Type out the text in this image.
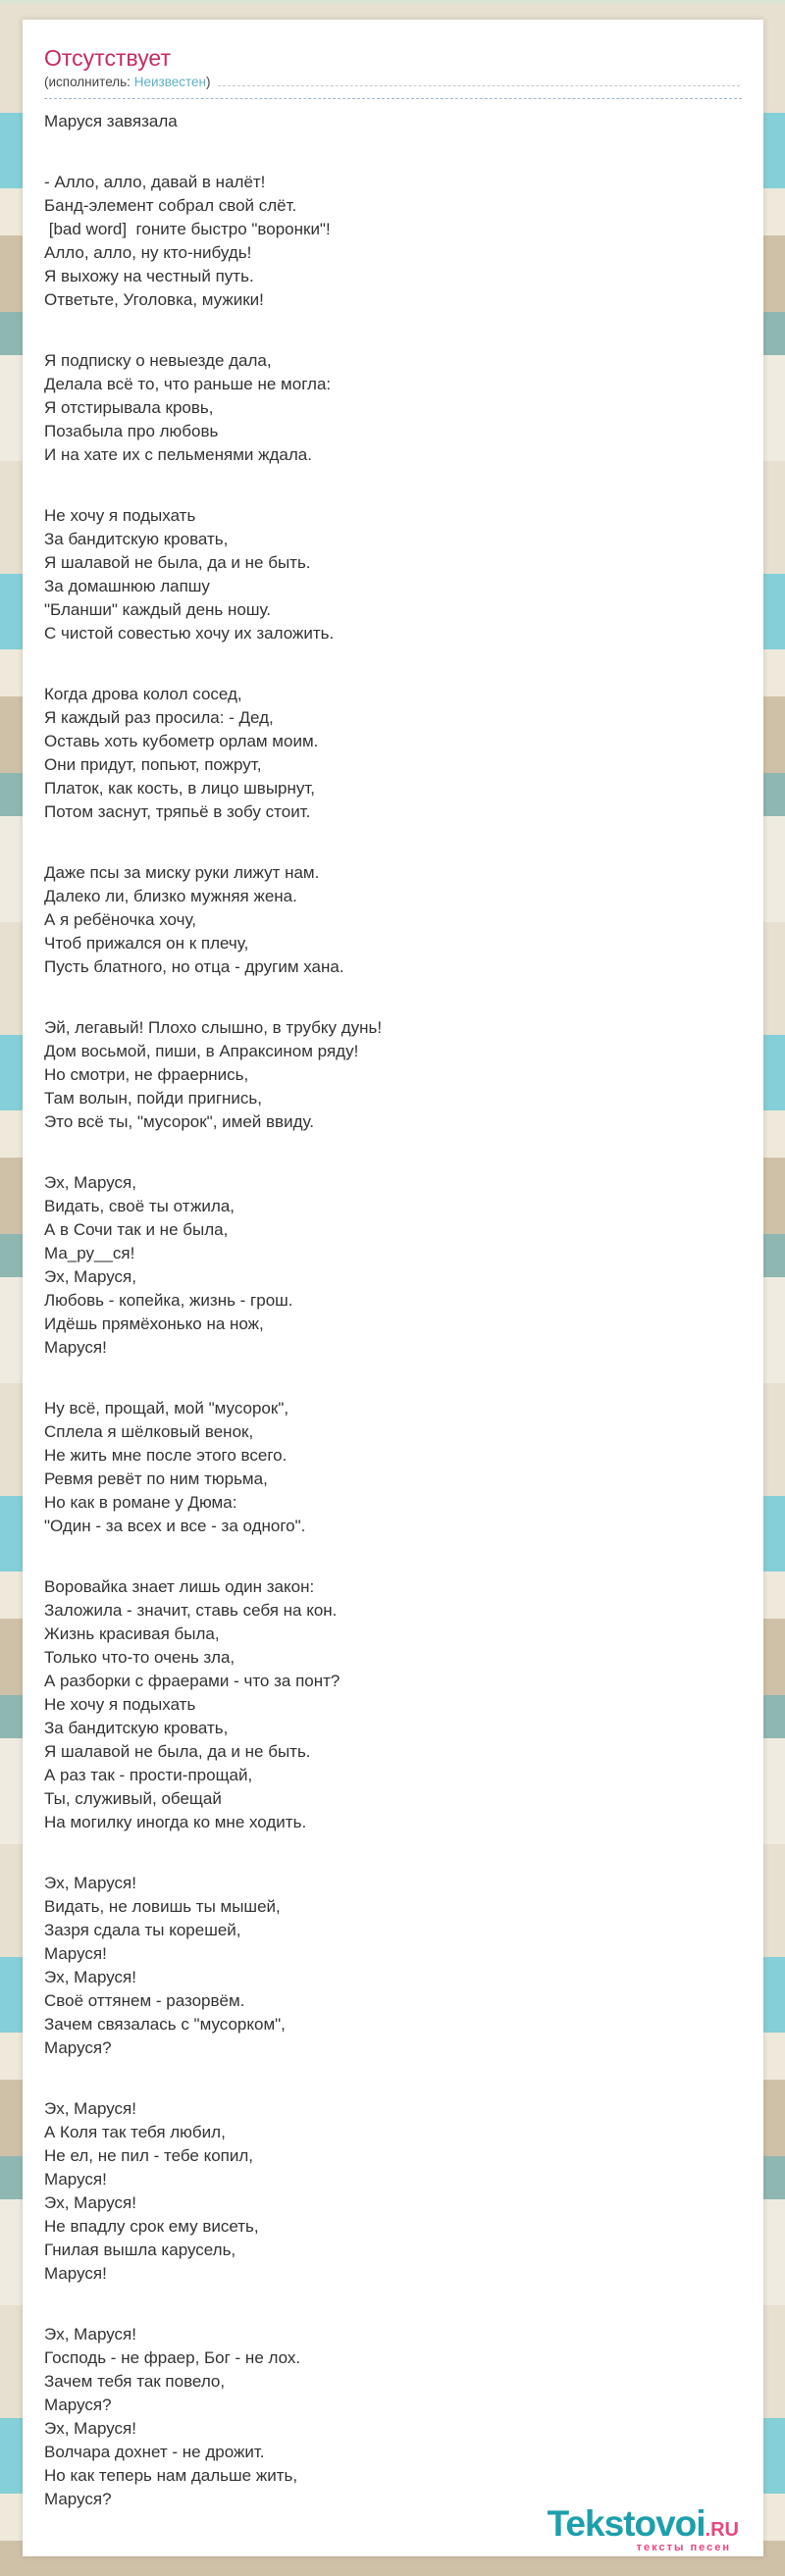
Отсутствует
(исполнитель: Неизвестен)
Маруся завязала
- Алло, алло, давай в налёт!
Банд-элемент собрал свой слёт.
[bad word]  гоните быстро "воронки"!
Алло, алло, ну кто-нибудь!
Я выхожу на честный путь.
Ответьте, Уголовка, мужики!
Я подписку о невыезде дала,
Делала всё то, что раньше не могла:
Я отстирывала кровь,
Позабыла про любовь
И на хате их с пельменями ждала.
Не хочу я подыхать
За бандитскую кровать,
Я шалавой не была, да и не быть.
За домашнюю лапшу
"Бланши" каждый день ношу.
С чистой совестью хочу их заложить.
Когда дрова колол сосед,
Я каждый раз просила: - Дед,
Оставь хоть кубометр орлам моим.
Они придут, попьют, пожрут,
Платок, как кость, в лицо швырнут,
Потом заснут, тряпьё в зобу стоит.
Даже псы за миску руки лижут нам.
Далеко ли, близко мужняя жена.
А я ребёночка хочу,
Чтоб прижался он к плечу,
Пусть блатного, но отца - другим хана.
Эй, легавый! Плохо слышно, в трубку дунь!
Дом восьмой, пиши, в Апраксином ряду!
Но смотри, не фраернись,
Там волын, пойди пригнись,
Это всё ты, "мусорок", имей ввиду.
Эх, Маруся,
Видать, своё ты отжила,
А в Сочи так и не была,
Ма_ру__ся!
Эх, Маруся,
Любовь - копейка, жизнь - грош.
Идёшь прямёхонько на нож,
Маруся!
Ну всё, прощай, мой "мусорок",
Сплела я шёлковый венок,
Не жить мне после этого всего.
Ревмя ревёт по ним тюрьма,
Но как в романе у Дюма:
"Один - за всех и все - за одного".
Воровайка знает лишь один закон:
Заложила - значит, ставь себя на кон.
Жизнь красивая была,
Только что-то очень зла,
А разборки с фраерами - что за понт?
Не хочу я подыхать
За бандитскую кровать,
Я шалавой не была, да и не быть.
А раз так - прости-прощай,
Ты, служивый, обещай
На могилку иногда ко мне ходить.
Эх, Маруся!
Видать, не ловишь ты мышей,
Зазря сдала ты корешей,
Маруся!
Эх, Маруся!
Своё оттянем - разорвём.
Зачем связалась с "мусорком",
Маруся?
Эх, Маруся!
А Коля так тебя любил,
Не ел, не пил - тебе копил,
Маруся!
Эх, Маруся!
Не впадлу срок ему висеть,
Гнилая вышла карусель,
Маруся!
Эх, Маруся!
Господь - не фраер, Бог - не лох.
Зачем тебя так повело,
Маруся?
Эх, Маруся!
Волчара дохнет - не дрожит.
Но как теперь нам дальше жить,
Маруся?
Tekstovoi.RU
тексты песен
